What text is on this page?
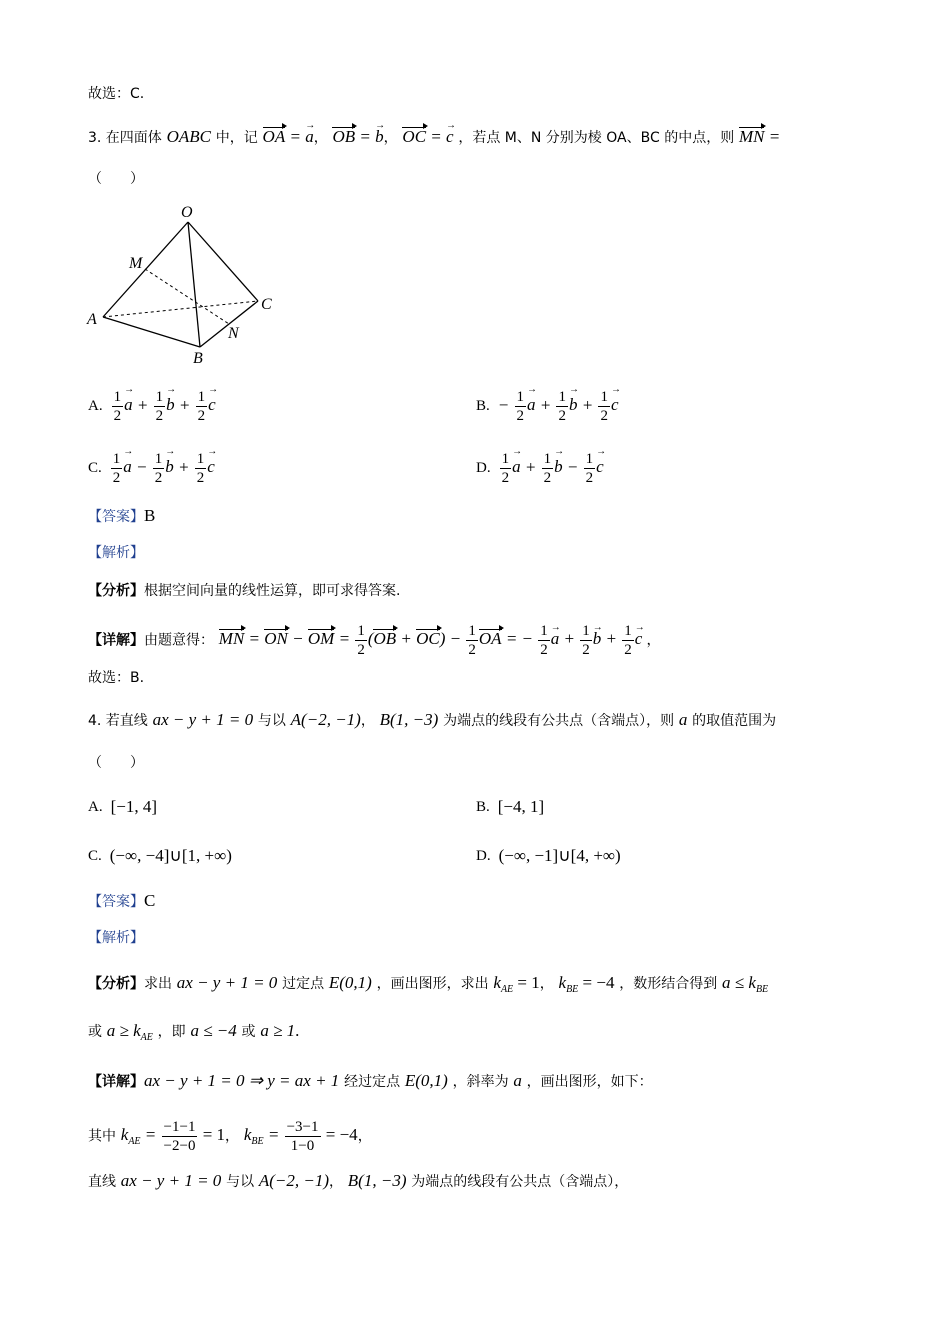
故选：C.
3. 在四面体 OABC 中，记 OA = a →， OB = b →， OC = c → ，若点 M、N 分别为棱 OA、BC 的中点，则 MN =
（　　）
O
M
A
B
C
N
A. $\frac{1}{2}$ a → + $\frac{1}{2}$ b → + $\frac{1}{2}$ c →	B. − $\frac{1}{2}$ a → + $\frac{1}{2}$ b → + $\frac{1}{2}$ c →
C. $\frac{1}{2}$ a → − $\frac{1}{2}$ b → + $\frac{1}{2}$ c →	D. $\frac{1}{2}$ a → + $\frac{1}{2}$ b → − $\frac{1}{2}$ c →
【答案】B
【解析】
【分析】根据空间向量的线性运算，即可求得答案.
【详解】由题意得： MN = ON − OM = $\frac{1}{2} (OB + OC) - \frac{1}{2}$ OA = − $\frac{1}{2}$ a → + $\frac{1}{2}$ b → + $\frac{1}{2}$ c → ，
故选：B.
4. 若直线 ax − y + 1 = 0 与以 A(−2, −1)， B(1, −3) 为端点的线段有公共点（含端点），则 a 的取值范围为
（　　）
A. [−1, 4]	B. [−4, 1]
C. (−∞, −4]∪[1, +∞)	D. (−∞, −1]∪[4, +∞)
【答案】C
【解析】
【分析】求出 ax − y + 1 = 0 过定点 E(0,1) ，画出图形，求出 $k_{AE} = 1$， $k_{BE} = -4$ ，数形结合得到 $a \le k_{BE}$
或 $a \ge k_{AE}$ ，即 a ≤ −4 或 a ≥ 1.
【详解】ax − y + 1 = 0 ⇒ y = ax + 1 经过定点 E(0,1) ，斜率为 a ，画出图形，如下：
其中 $k_{AE} = \frac{-1-1}{-2-0} = 1$， $k_{BE} = \frac{-3-1}{1-0} = -4$，
直线 ax − y + 1 = 0 与以 A(−2, −1)， B(1, −3) 为端点的线段有公共点（含端点），
